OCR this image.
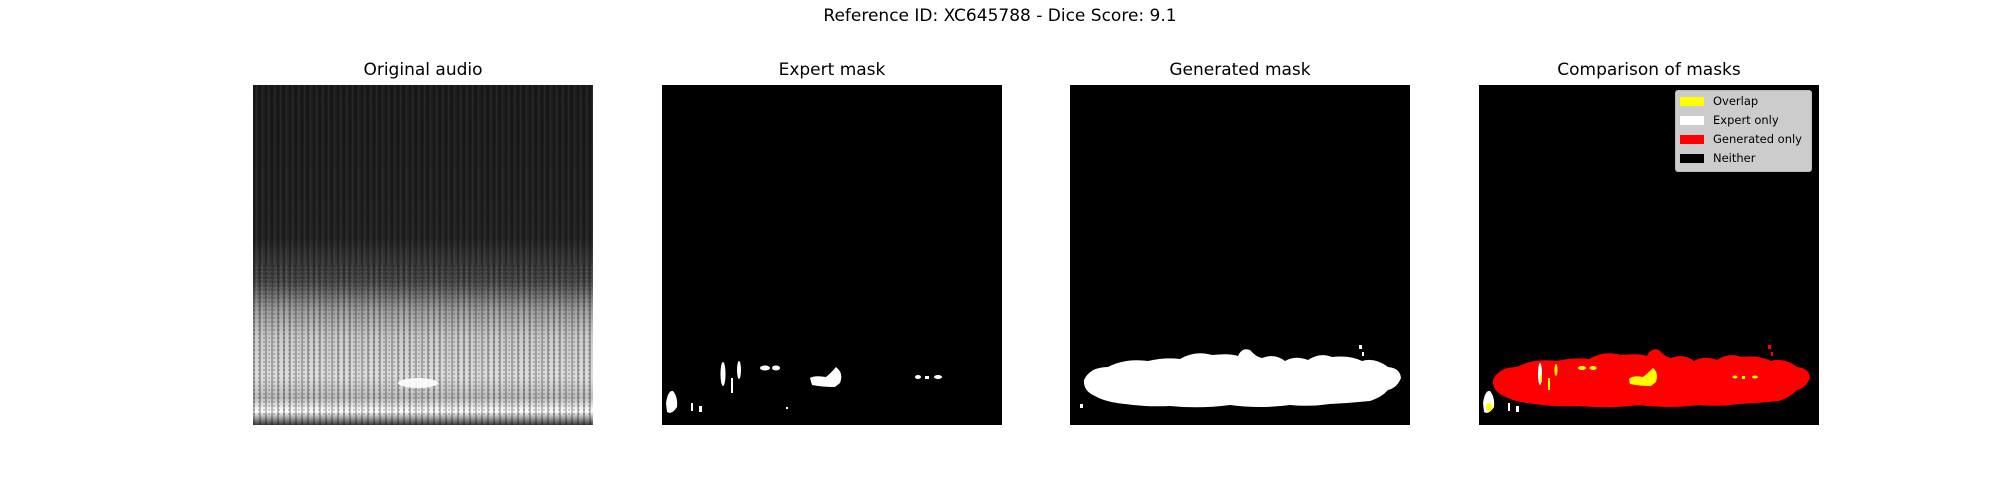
Reference ID: XC645788 - Dice Score: 9.1
Original audio	Expert mask	Generated mask	Comparison of masks
Overlap
Expert only
Generated only
Neither
